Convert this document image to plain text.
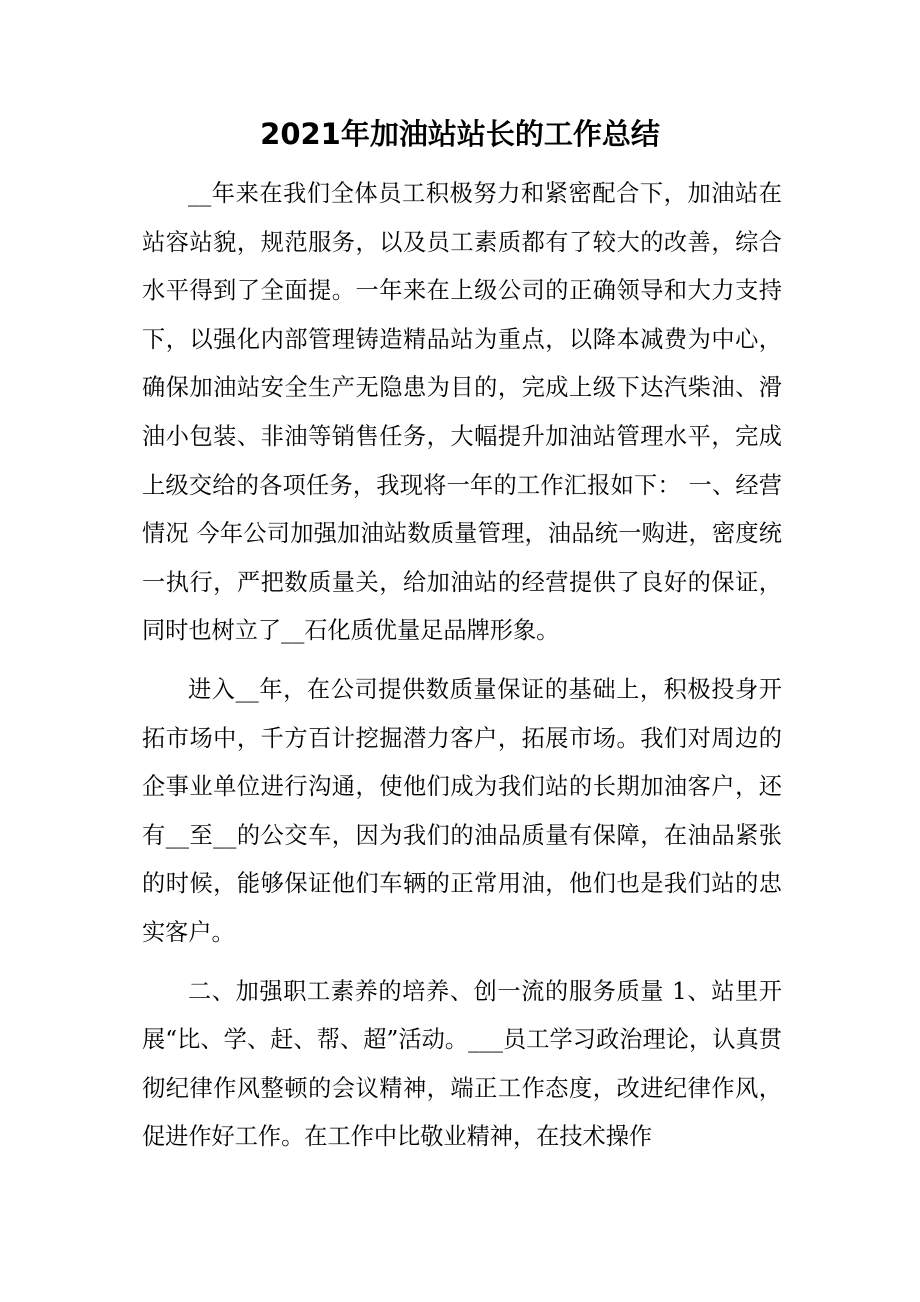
2021年加油站站长的工作总结

__年来在我们全体员工积极努力和紧密配合下，加油站在站容站貌，规范服务，以及员工素质都有了较大的改善，综合水平得到了全面提。一年来在上级公司的正确领导和大力支持下，以强化内部管理铸造精品站为重点，以降本减费为中心，确保加油站安全生产无隐患为目的，完成上级下达汽柴油、滑油小包装、非油等销售任务，大幅提升加油站管理水平，完成上级交给的各项任务，我现将一年的工作汇报如下： 一、经营情况 今年公司加强加油站数质量管理，油品统一购进，密度统一执行，严把数质量关，给加油站的经营提供了良好的保证，同时也树立了__石化质优量足品牌形象。

进入__年，在公司提供数质量保证的基础上，积极投身开拓市场中，千方百计挖掘潜力客户，拓展市场。我们对周边的企事业单位进行沟通，使他们成为我们站的长期加油客户，还有__至__的公交车，因为我们的油品质量有保障，在油品紧张的时候，能够保证他们车辆的正常用油，他们也是我们站的忠实客户。

二、加强职工素养的培养、创一流的服务质量 1、站里开展“比、学、赶、帮、超”活动。___员工学习政治理论，认真贯彻纪律作风整顿的会议精神，端正工作态度，改进纪律作风，促进作好工作。在工作中比敬业精神，在技术操作
